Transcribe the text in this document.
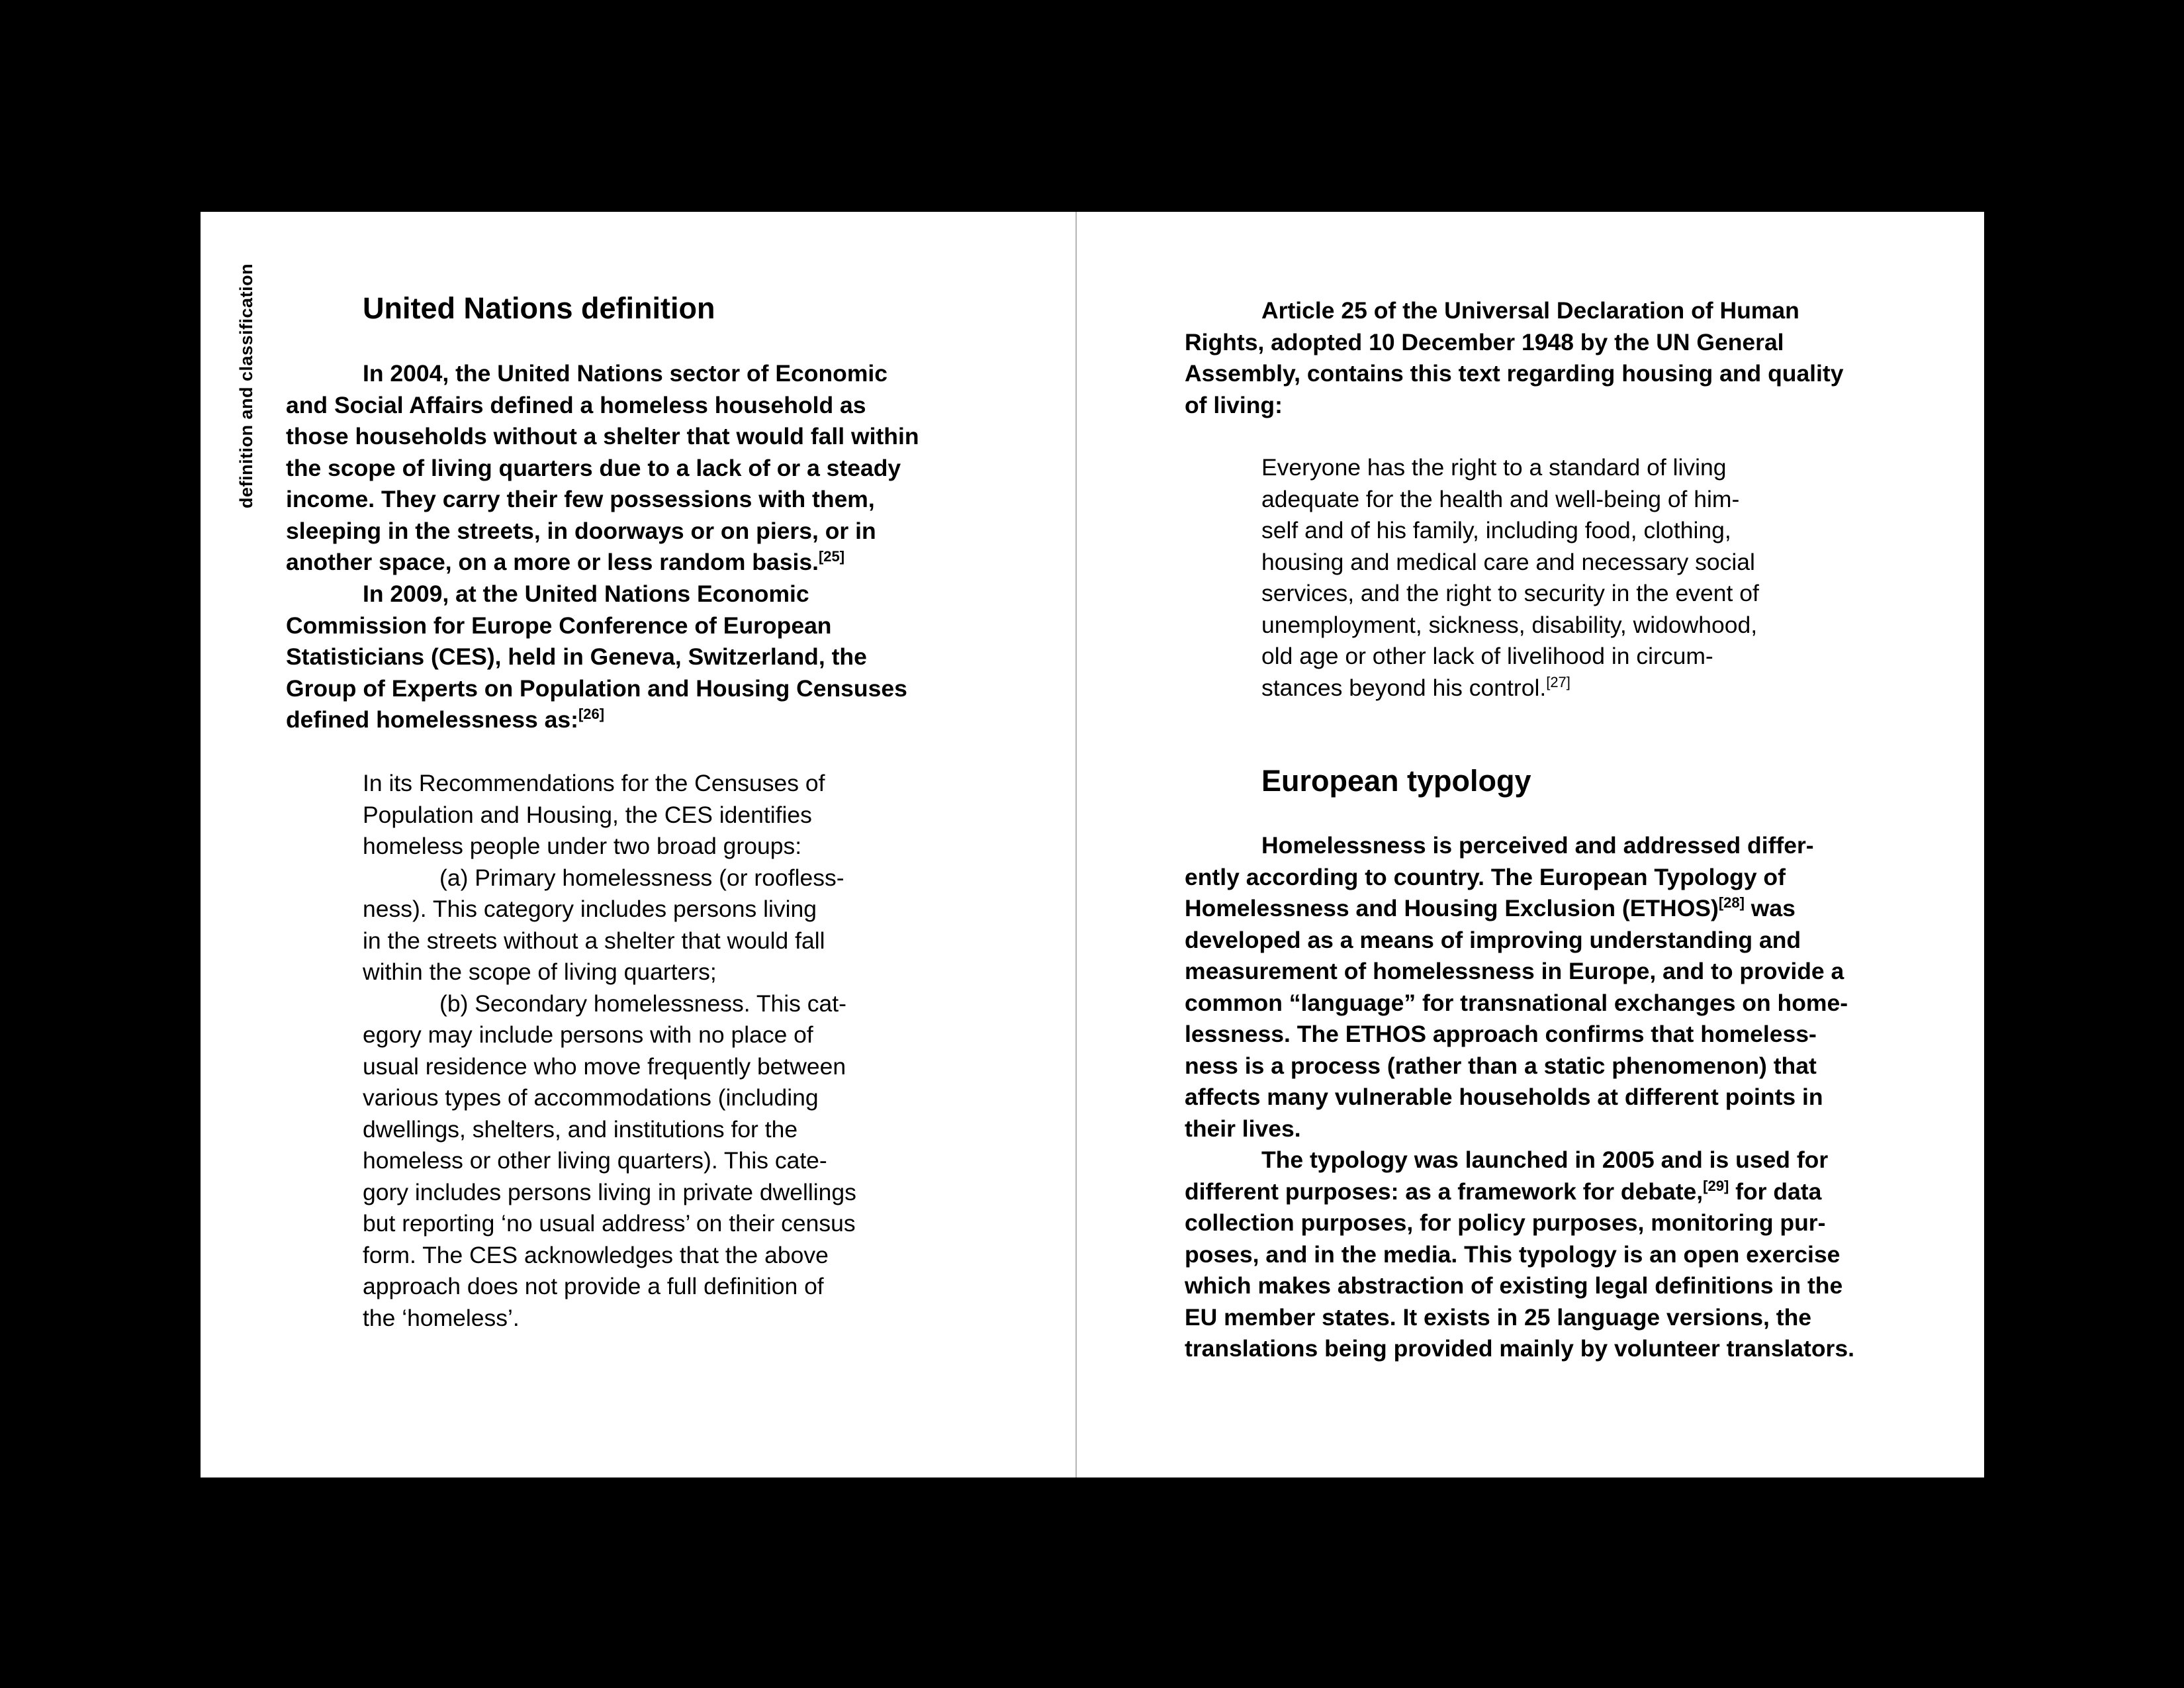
definition and classification
012
United Nations definition
In 2004, the United Nations sector of Economic
and Social Affairs defined a homeless household as
those households without a shelter that would fall within
the scope of living quarters due to a lack of or a steady
income. They carry their few possessions with them,
sleeping in the streets, in doorways or on piers, or in
another space, on a more or less random basis.[25]
In 2009, at the United Nations Economic
Commission for Europe Conference of European
Statisticians (CES), held in Geneva, Switzerland, the
Group of Experts on Population and Housing Censuses
defined homelessness as:[26]
In its Recommendations for the Censuses of
Population and Housing, the CES identifies
homeless people under two broad groups:
(a) Primary homelessness (or roofless-
ness). This category includes persons living
in the streets without a shelter that would fall
within the scope of living quarters;
(b) Secondary homelessness. This cat-
egory may include persons with no place of
usual residence who move frequently between
various types of accommodations (including
dwellings, shelters, and institutions for the
homeless or other living quarters). This cate-
gory includes persons living in private dwellings
but reporting ‘no usual address’ on their census
form. The CES acknowledges that the above
approach does not provide a full definition of
the ‘homeless’.
Article 25 of the Universal Declaration of Human
Rights, adopted 10 December 1948 by the UN General
Assembly, contains this text regarding housing and quality
of living:
Everyone has the right to a standard of living
adequate for the health and well-being of him-
self and of his family, including food, clothing,
housing and medical care and necessary social
services, and the right to security in the event of
unemployment, sickness, disability, widowhood,
old age or other lack of livelihood in circum-
stances beyond his control.[27]
European typology
Homelessness is perceived and addressed differ-
ently according to country. The European Typology of
Homelessness and Housing Exclusion (ETHOS)[28] was
developed as a means of improving understanding and
measurement of homelessness in Europe, and to provide a
common “language” for transnational exchanges on home-
lessness. The ETHOS approach confirms that homeless-
ness is a process (rather than a static phenomenon) that
affects many vulnerable households at different points in
their lives.
The typology was launched in 2005 and is used for
different purposes: as a framework for debate,[29] for data
collection purposes, for policy purposes, monitoring pur-
poses, and in the media. This typology is an open exercise
which makes abstraction of existing legal definitions in the
EU member states. It exists in 25 language versions, the
translations being provided mainly by volunteer translators.
